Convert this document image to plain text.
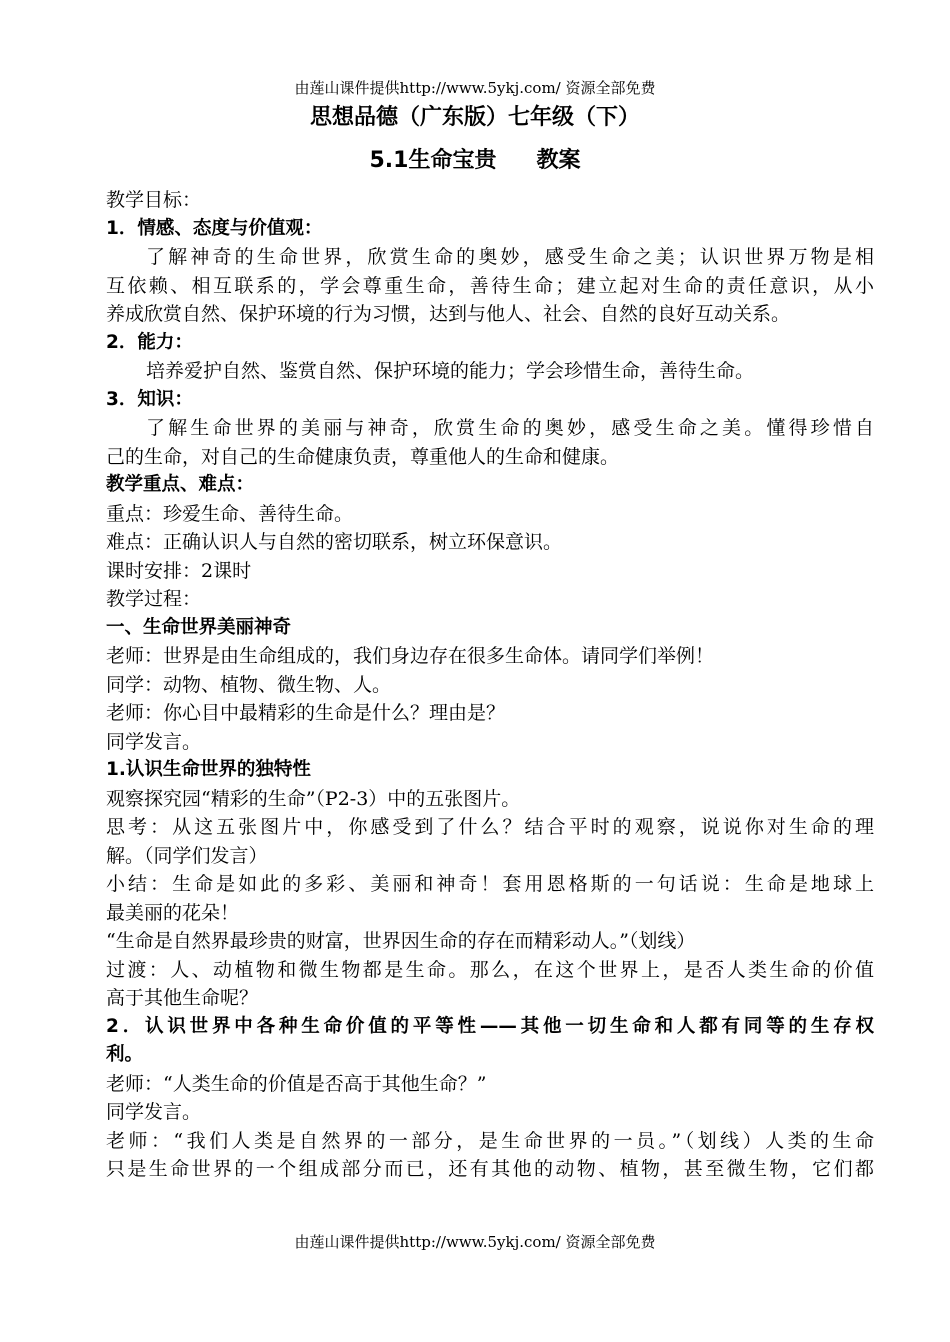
由莲山课件提供http://www.5ykj.com/ 资源全部免费
思想品德（广东版）七年级（下）
5.1生命宝贵 教案
教学目标：
1．情感、态度与价值观：
了解神奇的生命世界，欣赏生命的奥妙，感受生命之美；认识世界万物是相
互依赖、相互联系的，学会尊重生命，善待生命；建立起对生命的责任意识，从小
养成欣赏自然、保护环境的行为习惯，达到与他人、社会、自然的良好互动关系。
2．能力：
培养爱护自然、鉴赏自然、保护环境的能力；学会珍惜生命，善待生命。
3．知识：
了解生命世界的美丽与神奇，欣赏生命的奥妙，感受生命之美。懂得珍惜自
己的生命，对自己的生命健康负责，尊重他人的生命和健康。
教学重点、难点：
重点：珍爱生命、善待生命。
难点：正确认识人与自然的密切联系，树立环保意识。
课时安排：2课时
教学过程：
一、生命世界美丽神奇
老师：世界是由生命组成的，我们身边存在很多生命体。请同学们举例！
同学：动物、植物、微生物、人。
老师：你心目中最精彩的生命是什么？理由是？
同学发言。
1.认识生命世界的独特性
观察探究园“精彩的生命”（P2-3）中的五张图片。
思考：从这五张图片中，你感受到了什么？结合平时的观察，说说你对生命的理
解。（同学们发言）
小结：生命是如此的多彩、美丽和神奇！套用恩格斯的一句话说：生命是地球上
最美丽的花朵！
“生命是自然界最珍贵的财富，世界因生命的存在而精彩动人。”（划线）
过渡：人、动植物和微生物都是生命。那么，在这个世界上，是否人类生命的价值
高于其他生命呢？
2．认识世界中各种生命价值的平等性——其他一切生命和人都有同等的生存权
利。
老师：“人类生命的价值是否高于其他生命？”
同学发言。
老师：“我们人类是自然界的一部分，是生命世界的一员。”（划线）人类的生命
只是生命世界的一个组成部分而已，还有其他的动物、植物，甚至微生物，它们都
由莲山课件提供http://www.5ykj.com/ 资源全部免费
